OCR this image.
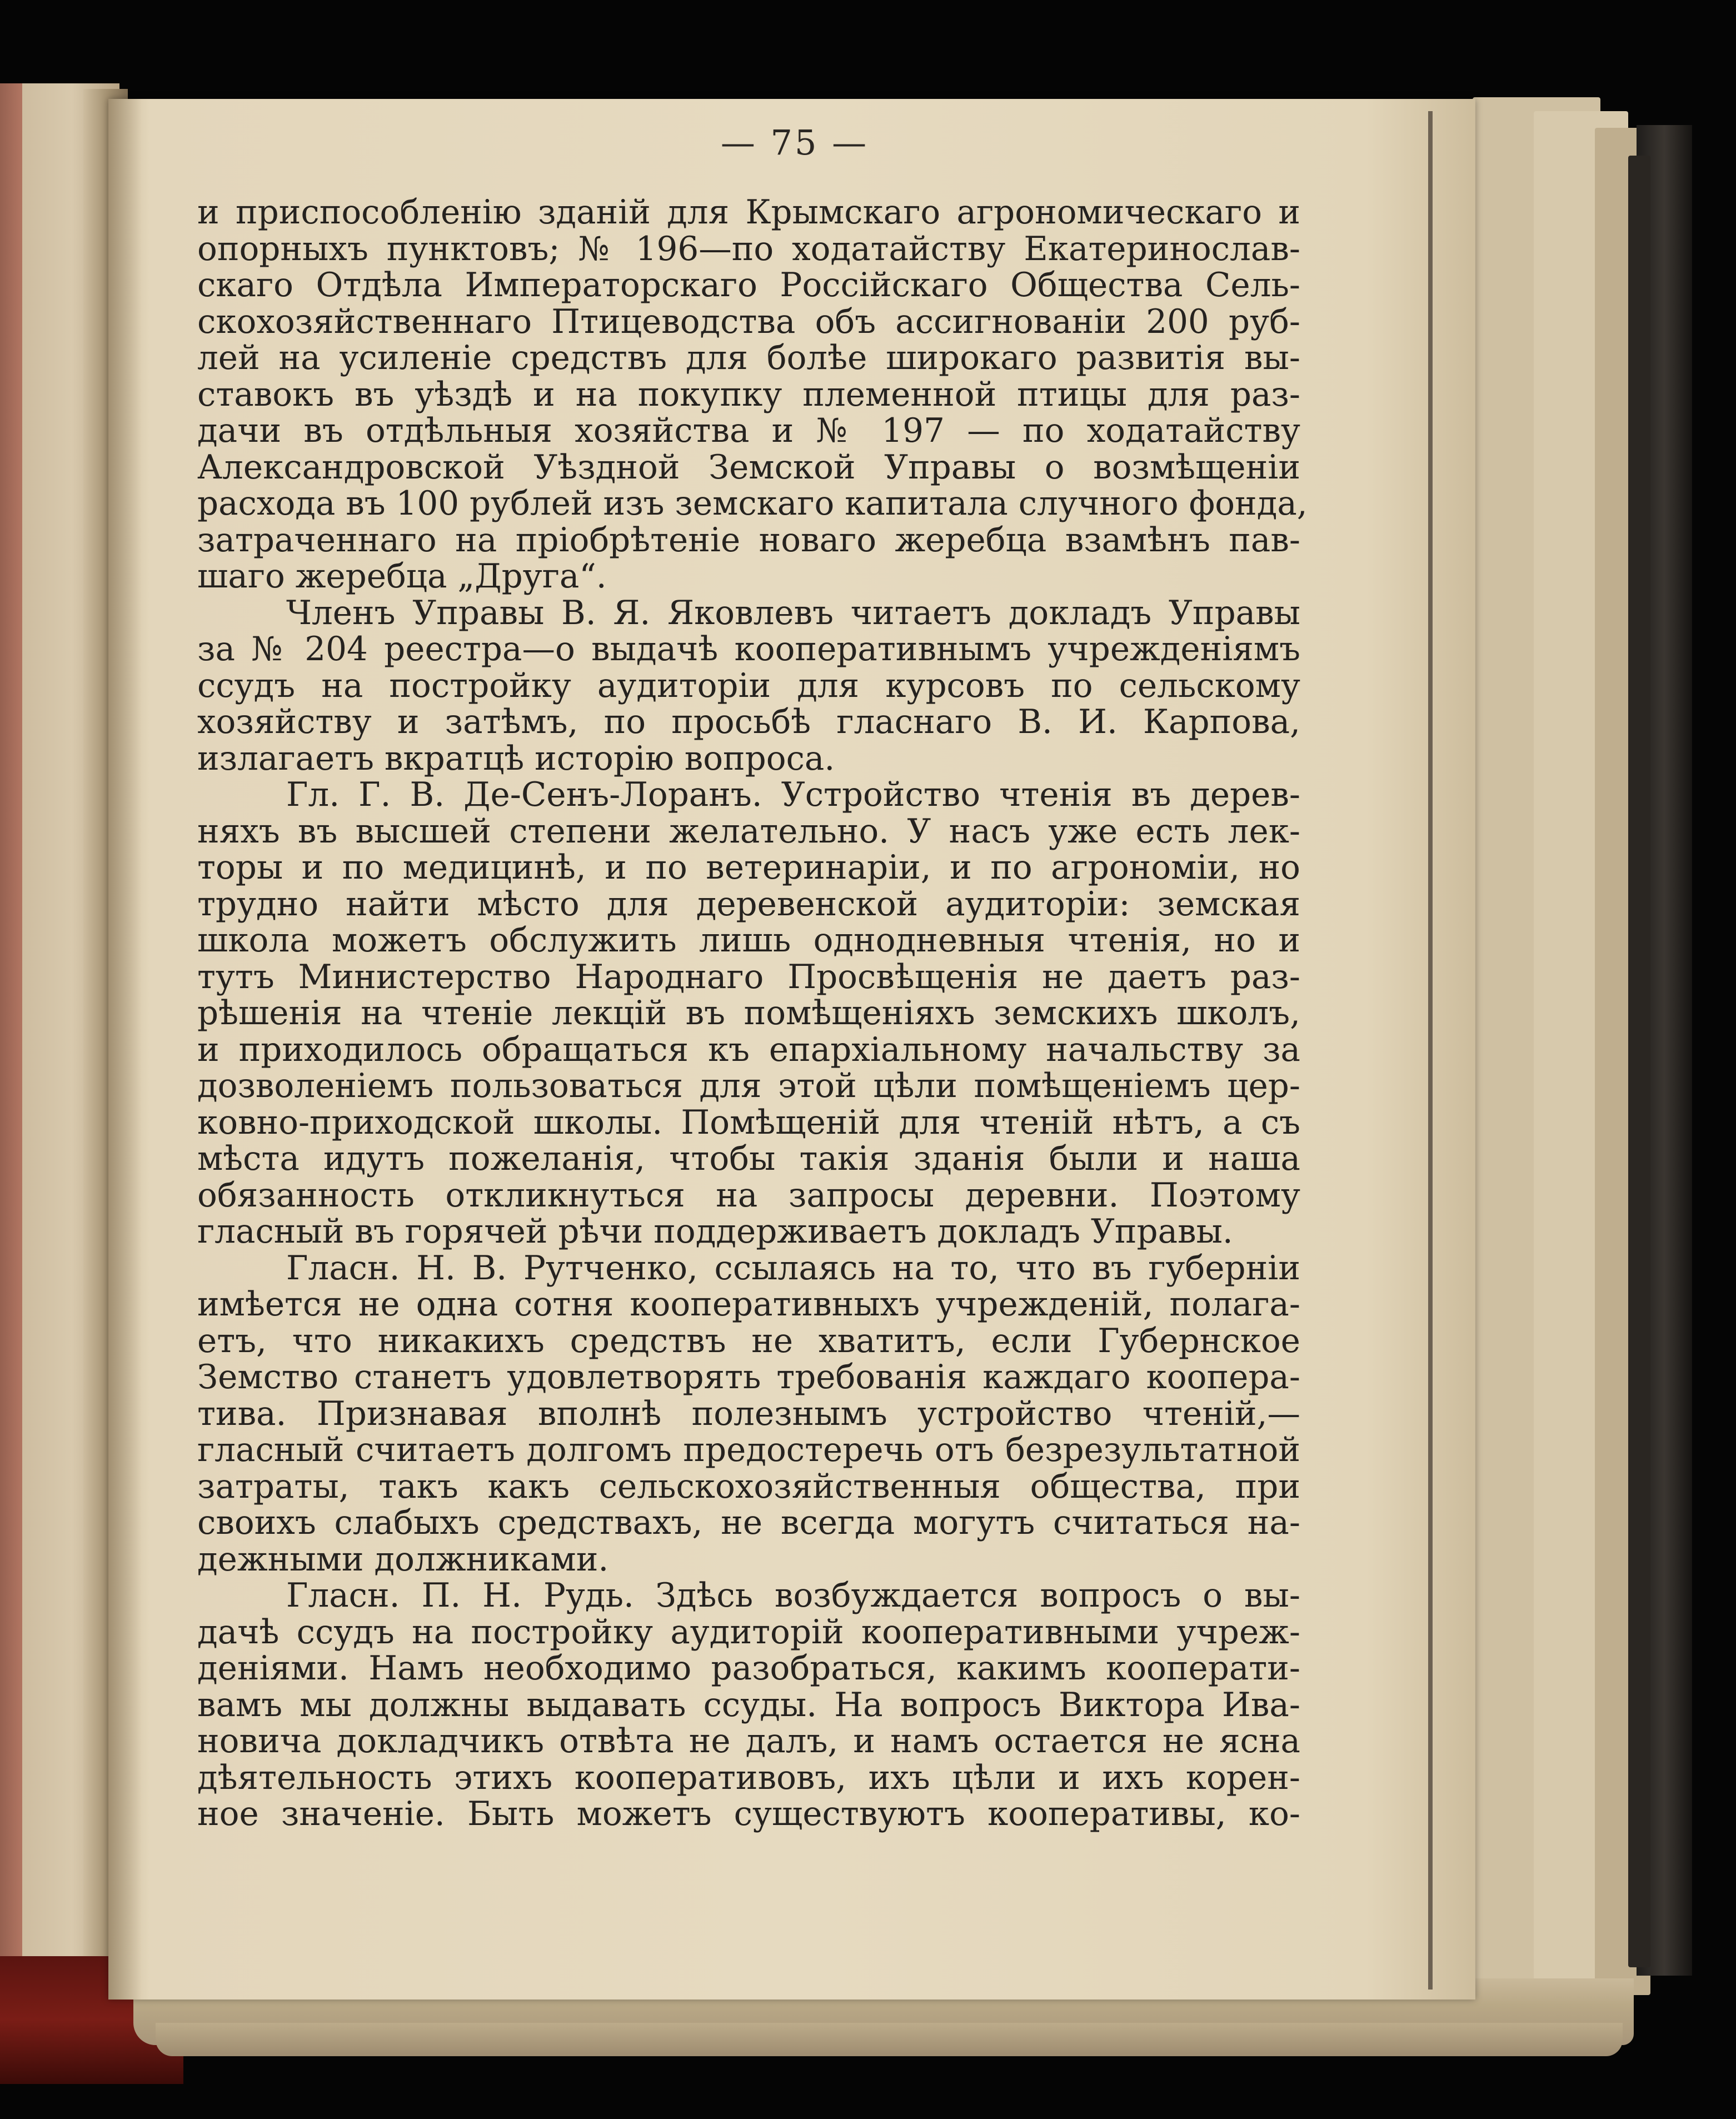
— 75 —
и приспособленію зданій для Крымскаго агрономическаго и
опорныхъ пунктовъ; № 196—по ходатайству Екатеринослав-
скаго Отдѣла Императорскаго Россійскаго Общества Сель-
скохозяйственнаго Птицеводства объ ассигнованіи 200 руб-
лей на усиленіе средствъ для болѣе широкаго развитія вы-
ставокъ въ уѣздѣ и на покупку племенной птицы для раз-
дачи въ отдѣльныя хозяйства и № 197 — по ходатайству
Александровской Уѣздной Земской Управы о возмѣщеніи
расхода въ 100 рублей изъ земскаго капитала случного фонда,
затраченнаго на пріобрѣтеніе новаго жеребца взамѣнъ пав-
шаго жеребца „Друга“.
Членъ Управы В. Я. Яковлевъ читаетъ докладъ Управы
за № 204 реестра—о выдачѣ кооперативнымъ учрежденіямъ
ссудъ на постройку аудиторіи для курсовъ по сельскому
хозяйству и затѣмъ, по просьбѣ гласнаго В. И. Карпова,
излагаетъ вкратцѣ исторію вопроса.
Гл. Г. В. Де-Сенъ-Лоранъ. Устройство чтенія въ дерев-
няхъ въ высшей степени желательно. У насъ уже есть лек-
торы и по медицинѣ, и по ветеринаріи, и по агрономіи, но
трудно найти мѣсто для деревенской аудиторіи: земская
школа можетъ обслужить лишь однодневныя чтенія, но и
тутъ Министерство Народнаго Просвѣщенія не даетъ раз-
рѣшенія на чтеніе лекцій въ помѣщеніяхъ земскихъ школъ,
и приходилось обращаться къ епархіальному начальству за
дозволеніемъ пользоваться для этой цѣли помѣщеніемъ цер-
ковно-приходской школы. Помѣщеній для чтеній нѣтъ, а съ
мѣста идутъ пожеланія, чтобы такія зданія были и наша
обязанность откликнуться на запросы деревни. Поэтому
гласный въ горячей рѣчи поддерживаетъ докладъ Управы.
Гласн. Н. В. Рутченко, ссылаясь на то, что въ губерніи
имѣется не одна сотня кооперативныхъ учрежденій, полага-
етъ, что никакихъ средствъ не хватитъ, если Губернское
Земство станетъ удовлетворять требованія каждаго коопера-
тива. Признавая вполнѣ полезнымъ устройство чтеній,—
гласный считаетъ долгомъ предостеречь отъ безрезультатной
затраты, такъ какъ сельскохозяйственныя общества, при
своихъ слабыхъ средствахъ, не всегда могутъ считаться на-
дежными должниками.
Гласн. П. Н. Рудь. Здѣсь возбуждается вопросъ о вы-
дачѣ ссудъ на постройку аудиторій кооперативными учреж-
деніями. Намъ необходимо разобраться, какимъ кооперати-
вамъ мы должны выдавать ссуды. На вопросъ Виктора Ива-
новича докладчикъ отвѣта не далъ, и намъ остается не ясна
дѣятельность этихъ кооперативовъ, ихъ цѣли и ихъ корен-
ное значеніе. Быть можетъ существуютъ кооперативы, ко-
